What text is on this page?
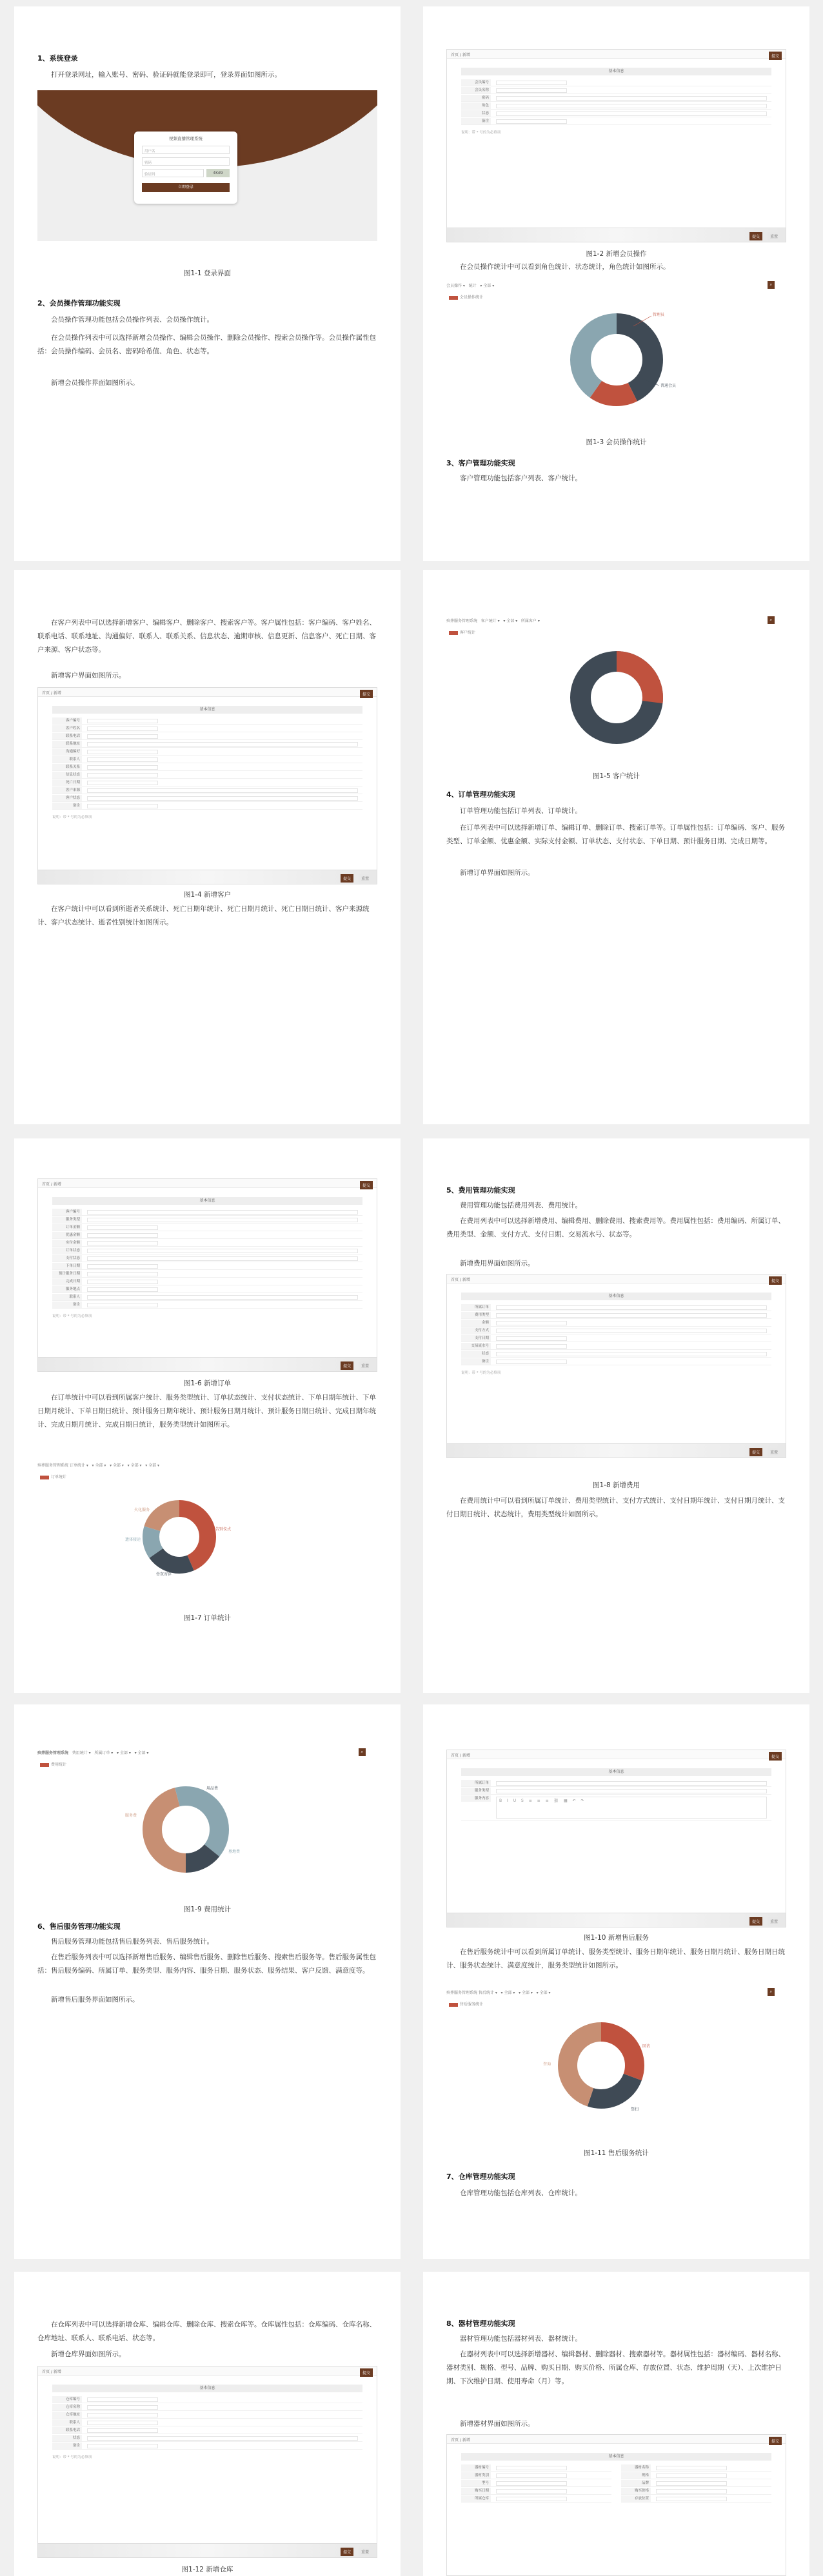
1、系统登录
打开登录网址，输入账号、密码、验证码就能登录即可，登录界面如图所示。
视频直播管理系统
用户名
密码
验证码	4Kd9
立即登录
图1-1 登录界面
2、会员操作管理功能实现
会员操作管理功能包括会员操作列表、会员操作统计。
在会员操作列表中可以选择新增会员操作、编辑会员操作、删除会员操作、搜索会员操作等。会员操作属性包括：会员操作编码、会员名、密码哈希值、角色、状态等。
新增会员操作界面如图所示。
首页 / 新增	提交
基本信息
会员编号
会员名称
密码
角色
状态
备注
说明：带 * 号的为必填项
提交	重置
图1-2 新增会员操作
在会员操作统计中可以看到角色统计、状态统计，角色统计如图所示。
会员操作 ▾   统计   ▾ 全部 ▾	⌕
会员操作统计
管理员
普通会员
图1-3 会员操作统计
3、客户管理功能实现
客户管理功能包括客户列表、客户统计。
在客户列表中可以选择新增客户、编辑客户、删除客户、搜索客户等。客户属性包括：客户编码、客户姓名、联系电话、联系地址、沟通偏好、联系人、联系关系、信息状态、逾期审核、信息更新、信息客户、死亡日期、客户来源、客户状态等。
新增客户界面如图所示。
首页 / 新增	提交
基本信息
客户编号
客户姓名
联系电话
联系地址
沟通偏好
联系人
联系关系
信息状态
死亡日期
客户来源
客户状态
备注
说明：带 * 号的为必填项
提交	重置
图1-4 新增客户
在客户统计中可以看到所逝者关系统计、死亡日期年统计、死亡日期月统计、死亡日期日统计、客户来源统计、客户状态统计、逝者性别统计如图所示。
殡葬服务管理系统   客户统计 ▾   ▾ 全部 ▾   所属客户 ▾	⌕
客户统计
图1-5 客户统计
4、订单管理功能实现
订单管理功能包括订单列表、订单统计。
在订单列表中可以选择新增订单、编辑订单、删除订单、搜索订单等。订单属性包括：订单编码、客户、服务类型、订单金额、优惠金额、实际支付金额、订单状态、支付状态、下单日期、预计服务日期、完成日期等。
新增订单界面如图所示。
首页 / 新增	提交
基本信息
客户编号
服务类型
订单金额
优惠金额
实付金额
订单状态
支付状态
下单日期
预计服务日期
完成日期
服务地点
联系人
备注
说明：带 * 号的为必填项
提交	重置
图1-6 新增订单
在订单统计中可以看到所属客户统计、服务类型统计、订单状态统计、支付状态统计、下单日期年统计、下单日期月统计、下单日期日统计、预计服务日期年统计、预计服务日期月统计、预计服务日期日统计、完成日期年统计、完成日期月统计、完成日期日统计，服务类型统计如图所示。
殡葬服务管理系统 订单统计 ▾   ▾ 全部 ▾   ▾ 全部 ▾   ▾ 全部 ▾   ▾ 全部 ▾
订单统计
告别仪式
火化服务
遗体接运
骨灰寄存
图1-7 订单统计
5、费用管理功能实现
费用管理功能包括费用列表、费用统计。
在费用列表中可以选择新增费用、编辑费用、删除费用、搜索费用等。费用属性包括：费用编码、所属订单、费用类型、金额、支付方式、支付日期、交易流水号、状态等。
新增费用界面如图所示。
首页 / 新增	提交
基本信息
所属订单
费用类型
金额
支付方式
支付日期
交易流水号
状态
备注
说明：带 * 号的为必填项
提交	重置
图1-8 新增费用
在费用统计中可以看到所属订单统计、费用类型统计、支付方式统计、支付日期年统计、支付日期月统计、支付日期日统计、状态统计，费用类型统计如图所示。
殡葬服务管理系统   费用统计 ▾   所属订单 ▾   ▾ 全部 ▾   ▾ 全部 ▾	⌕
费用统计
服务费
墓地费
用品费
图1-9 费用统计
6、售后服务管理功能实现
售后服务管理功能包括售后服务列表、售后服务统计。
在售后服务列表中可以选择新增售后服务、编辑售后服务、删除售后服务、搜索售后服务等。售后服务属性包括：售后服务编码、所属订单、服务类型、服务内容、服务日期、服务状态、服务结果、客户反馈、满意度等。
新增售后服务界面如图所示。
首页 / 新增	提交
基本信息
所属订单
服务类型
服务内容	B I U S ≡ ≡ ≡ ⛓ ▦ ↶ ↷
提交	重置
图1-10 新增售后服务
在售后服务统计中可以看到所属订单统计、服务类型统计、服务日期年统计、服务日期月统计、服务日期日统计、服务状态统计、满意度统计，服务类型统计如图所示。
殡葬服务管理系统 售后统计 ▾   ▾ 全部 ▾   ▾ 全部 ▾   ▾ 全部 ▾	⌕
售后服务统计
回访
祭扫
咨询
图1-11 售后服务统计
7、仓库管理功能实现
仓库管理功能包括仓库列表、仓库统计。
在仓库列表中可以选择新增仓库、编辑仓库、删除仓库、搜索仓库等。仓库属性包括：仓库编码、仓库名称、仓库地址、联系人、联系电话、状态等。
新增仓库界面如图所示。
首页 / 新增	提交
基本信息
仓库编号
仓库名称
仓库地址
联系人
联系电话
状态
备注
说明：带 * 号的为必填项
提交	重置
图1-12 新增仓库
8、器材管理功能实现
器材管理功能包括器材列表、器材统计。
在器材列表中可以选择新增器材、编辑器材、删除器材、搜索器材等。器材属性包括：器材编码、器材名称、器材类别、规格、型号、品牌、购买日期、购买价格、所属仓库、存放位置、状态、维护周期（天）、上次维护日期、下次维护日期、使用寿命（月）等。
新增器材界面如图所示。
首页 / 新增	提交
基本信息
器材编号	器材名称
器材类别	规格
型号	品牌
购买日期	购买价格
所属仓库	存放位置
